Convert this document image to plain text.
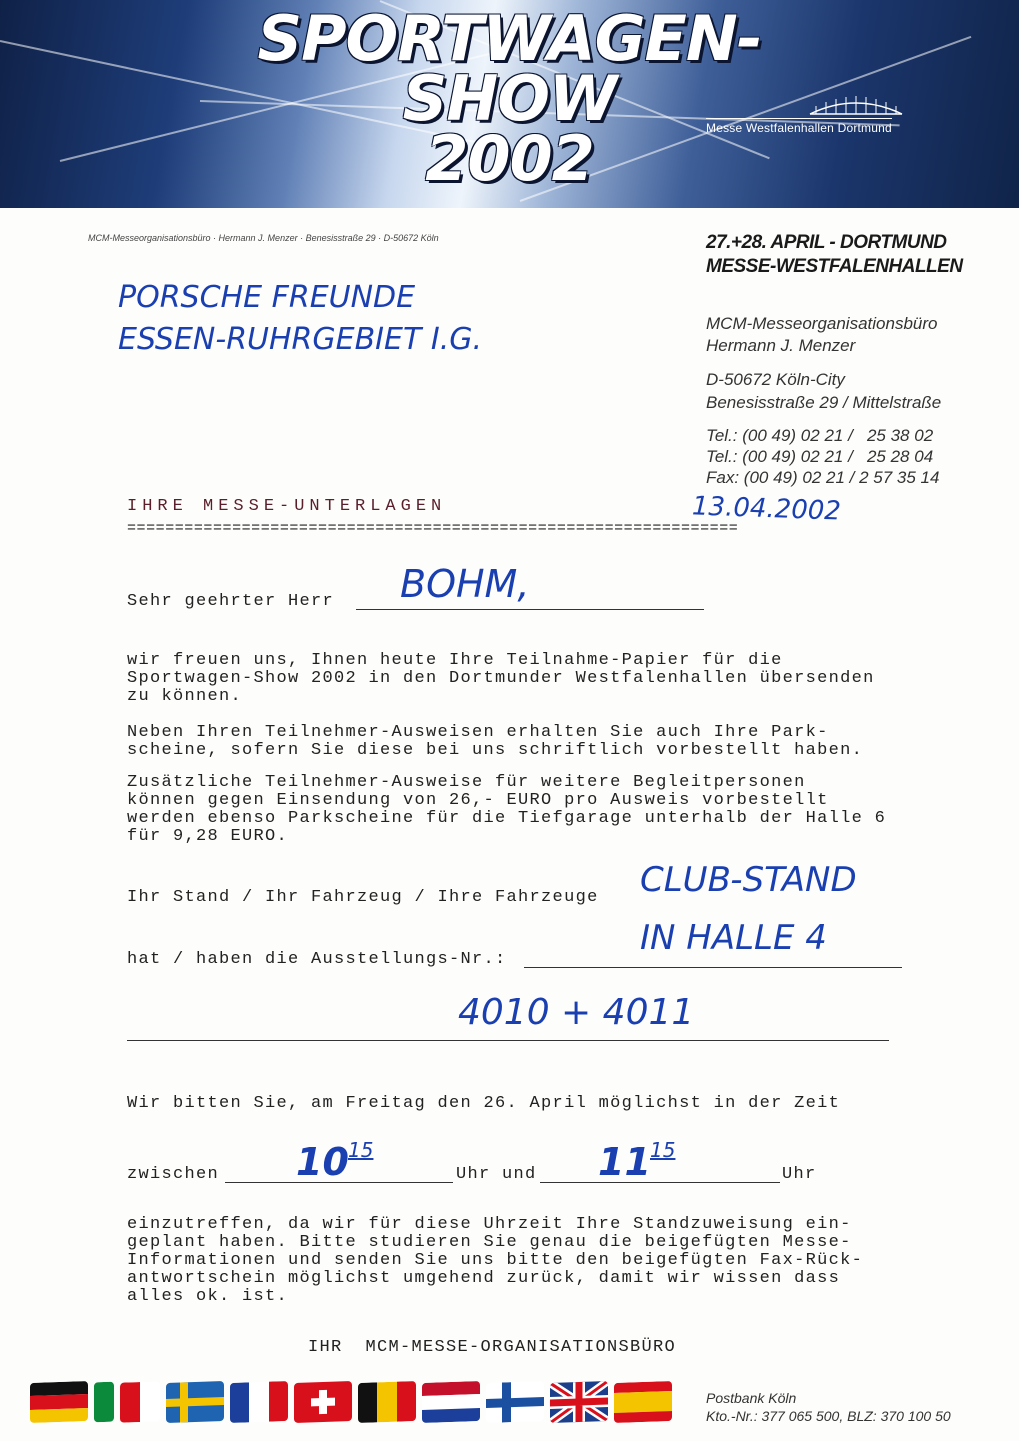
SPORTWAGEN-
SHOW
2002	Messe Westfalenhallen Dortmund
MCM-Messeorganisationsbüro · Hermann J. Menzer · Benesisstraße 29 · D-50672 Köln	27.+28. APRIL - DORTMUND
MESSE-WESTFALENHALLEN
MCM-Messeorganisationsbüro
Hermann J. Menzer
D-50672 Köln-City
Benesisstraße 29 / Mittelstraße
Tel.: (00 49) 02 21 /   25 38 02
Tel.: (00 49) 02 21 /   25 28 04
Fax: (00 49) 02 21 / 2 57 35 14
PORSCHE FREUNDE
ESSEN-RUHRGEBIET I.G.
IHRE MESSE-UNTERLAGEN	13.04.2002
================================================================
Sehr geehrter Herr BOHM,
wir freuen uns, Ihnen heute Ihre Teilnahme-Papier für die
Sportwagen-Show 2002 in den Dortmunder Westfalenhallen übersenden
zu können.
Neben Ihren Teilnehmer-Ausweisen erhalten Sie auch Ihre Park-
scheine, sofern Sie diese bei uns schriftlich vorbestellt haben.
Zusätzliche Teilnehmer-Ausweise für weitere Begleitpersonen
können gegen Einsendung von 26,- EURO pro Ausweis vorbestellt
werden ebenso Parkscheine für die Tiefgarage unterhalb der Halle 6
für 9,28 EURO.
Ihr Stand / Ihr Fahrzeug / Ihre Fahrzeuge CLUB-STAND
hat / haben die Ausstellungs-Nr.:
IN HALLE 4
4010 + 4011
Wir bitten Sie, am Freitag den 26. April möglichst in der Zeit
zwischen 10 15
Uhr und 11 15
Uhr
einzutreffen, da wir für diese Uhrzeit Ihre Standzuweisung ein-
geplant haben. Bitte studieren Sie genau die beigefügten Messe-
Informationen und senden Sie uns bitte den beigefügten Fax-Rück-
antwortschein möglichst umgehend zurück, damit wir wissen dass
alles ok. ist.
IHR  MCM-MESSE-ORGANISATIONSBÜRO
Postbank Köln
Kto.-Nr.: 377 065 500, BLZ: 370 100 50
